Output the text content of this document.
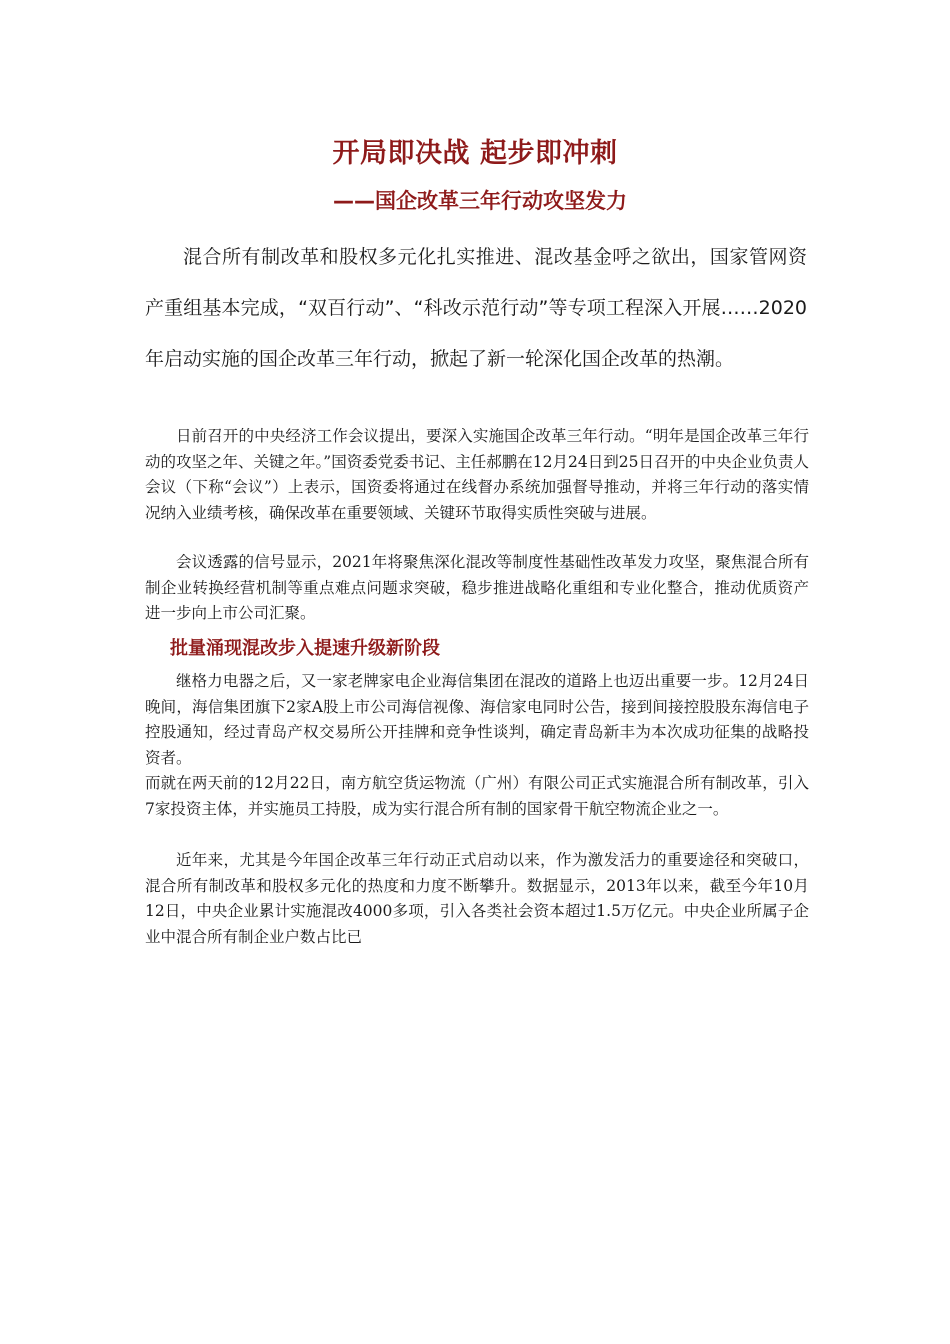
开局即决战 起步即冲刺
——国企改革三年行动攻坚发力

混合所有制改革和股权多元化扎实推进、混改基金呼之欲出，国家管网资产重组基本完成，“双百行动”、“科改示范行动”等专项工程深入开展……2020年启动实施的国企改革三年行动，掀起了新一轮深化国企改革的热潮。

日前召开的中央经济工作会议提出，要深入实施国企改革三年行动。“明年是国企改革三年行动的攻坚之年、关键之年。”国资委党委书记、主任郝鹏在12月24日到25日召开的中央企业负责人会议（下称“会议”）上表示，国资委将通过在线督办系统加强督导推动，并将三年行动的落实情况纳入业绩考核，确保改革在重要领域、关键环节取得实质性突破与进展。

会议透露的信号显示，2021年将聚焦深化混改等制度性基础性改革发力攻坚，聚焦混合所有制企业转换经营机制等重点难点问题求突破，稳步推进战略化重组和专业化整合，推动优质资产进一步向上市公司汇聚。

批量涌现混改步入提速升级新阶段

继格力电器之后，又一家老牌家电企业海信集团在混改的道路上也迈出重要一步。12月24日晚间，海信集团旗下2家A股上市公司海信视像、海信家电同时公告，接到间接控股股东海信电子控股通知，经过青岛产权交易所公开挂牌和竞争性谈判，确定青岛新丰为本次成功征集的战略投资者。

而就在两天前的12月22日，南方航空货运物流（广州）有限公司正式实施混合所有制改革，引入7家投资主体，并实施员工持股，成为实行混合所有制的国家骨干航空物流企业之一。

近年来，尤其是今年国企改革三年行动正式启动以来，作为激发活力的重要途径和突破口，混合所有制改革和股权多元化的热度和力度不断攀升。数据显示，2013年以来，截至今年10月12日，中央企业累计实施混改4000多项，引入各类社会资本超过1.5万亿元。中央企业所属子企业中混合所有制企业户数占比已
